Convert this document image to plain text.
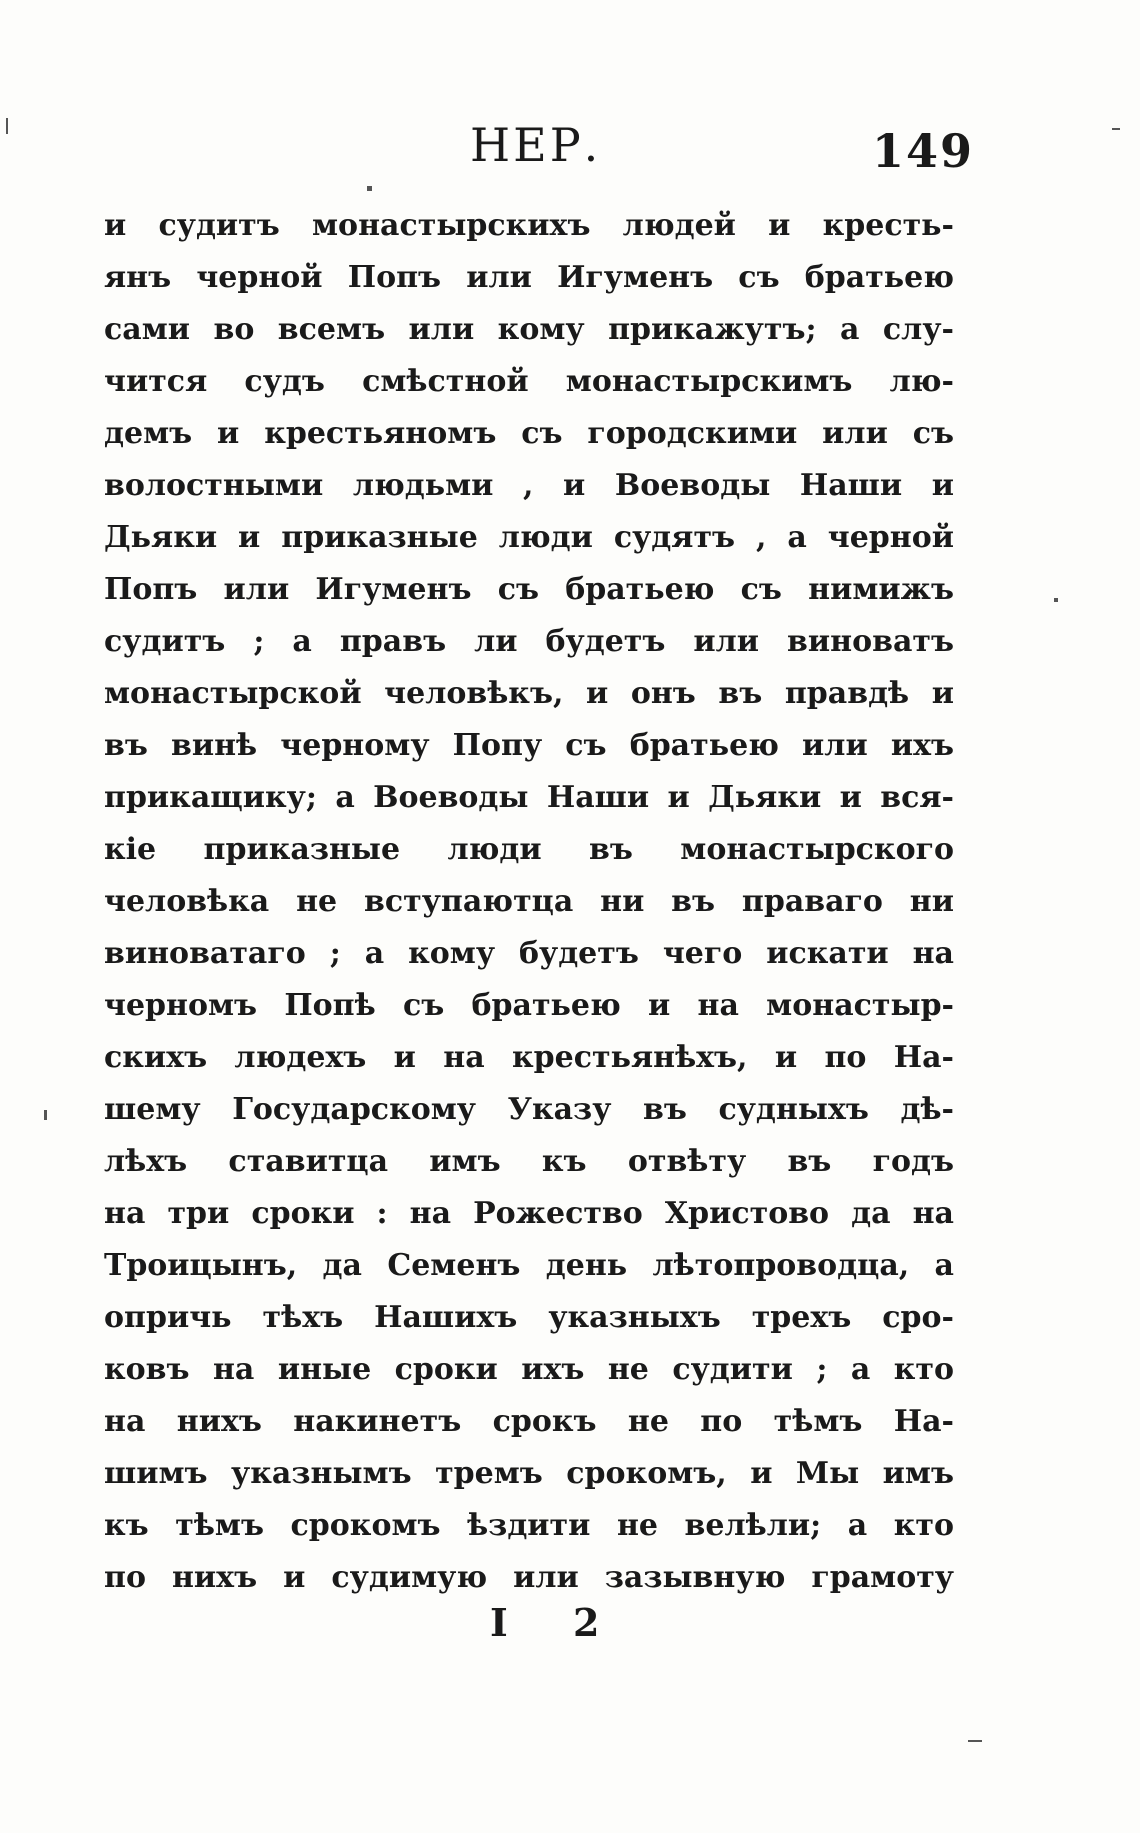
НЕР.	149
и судитъ монастырскихъ людей и кресть-
янъ черной Попъ или Игуменъ съ братьею
сами во всемъ или кому прикажутъ; а слу-
чится судъ смѣстной монастырскимъ лю-
демъ и крестьяномъ съ городскими или съ
волостными людьми , и Воеводы Наши и
Дьяки и приказные люди судятъ , а черной
Попъ или Игуменъ съ братьею съ нимижъ
судитъ ; а правъ ли будетъ или виноватъ
монастырской человѣкъ, и онъ въ правдѣ и
въ винѣ черному Попу съ братьею или ихъ
прикащику; а Воеводы Наши и Дьяки и вся-
кіе приказные люди въ монастырского
человѣка не вступаютца ни въ праваго ни
виноватаго ; а кому будетъ чего искати на
черномъ Попѣ съ братьею и на монастыр-
скихъ людехъ и на крестьянѣхъ, и по На-
шему Государскому Указу въ судныхъ дѣ-
лѣхъ ставитца имъ къ отвѣту въ годъ
на три сроки : на Рожество Христово да на
Троицынъ, да Семенъ день лѣтопроводца, а
опричь тѣхъ Нашихъ указныхъ трехъ сро-
ковъ на иные сроки ихъ не судити ; а кто
на нихъ накинетъ срокъ не по тѣмъ На-
шимъ указнымъ тремъ срокомъ, и Мы имъ
къ тѣмъ срокомъ ѣздити не велѣли; а кто
по нихъ и судимую или зазывную грамоту
I 2
